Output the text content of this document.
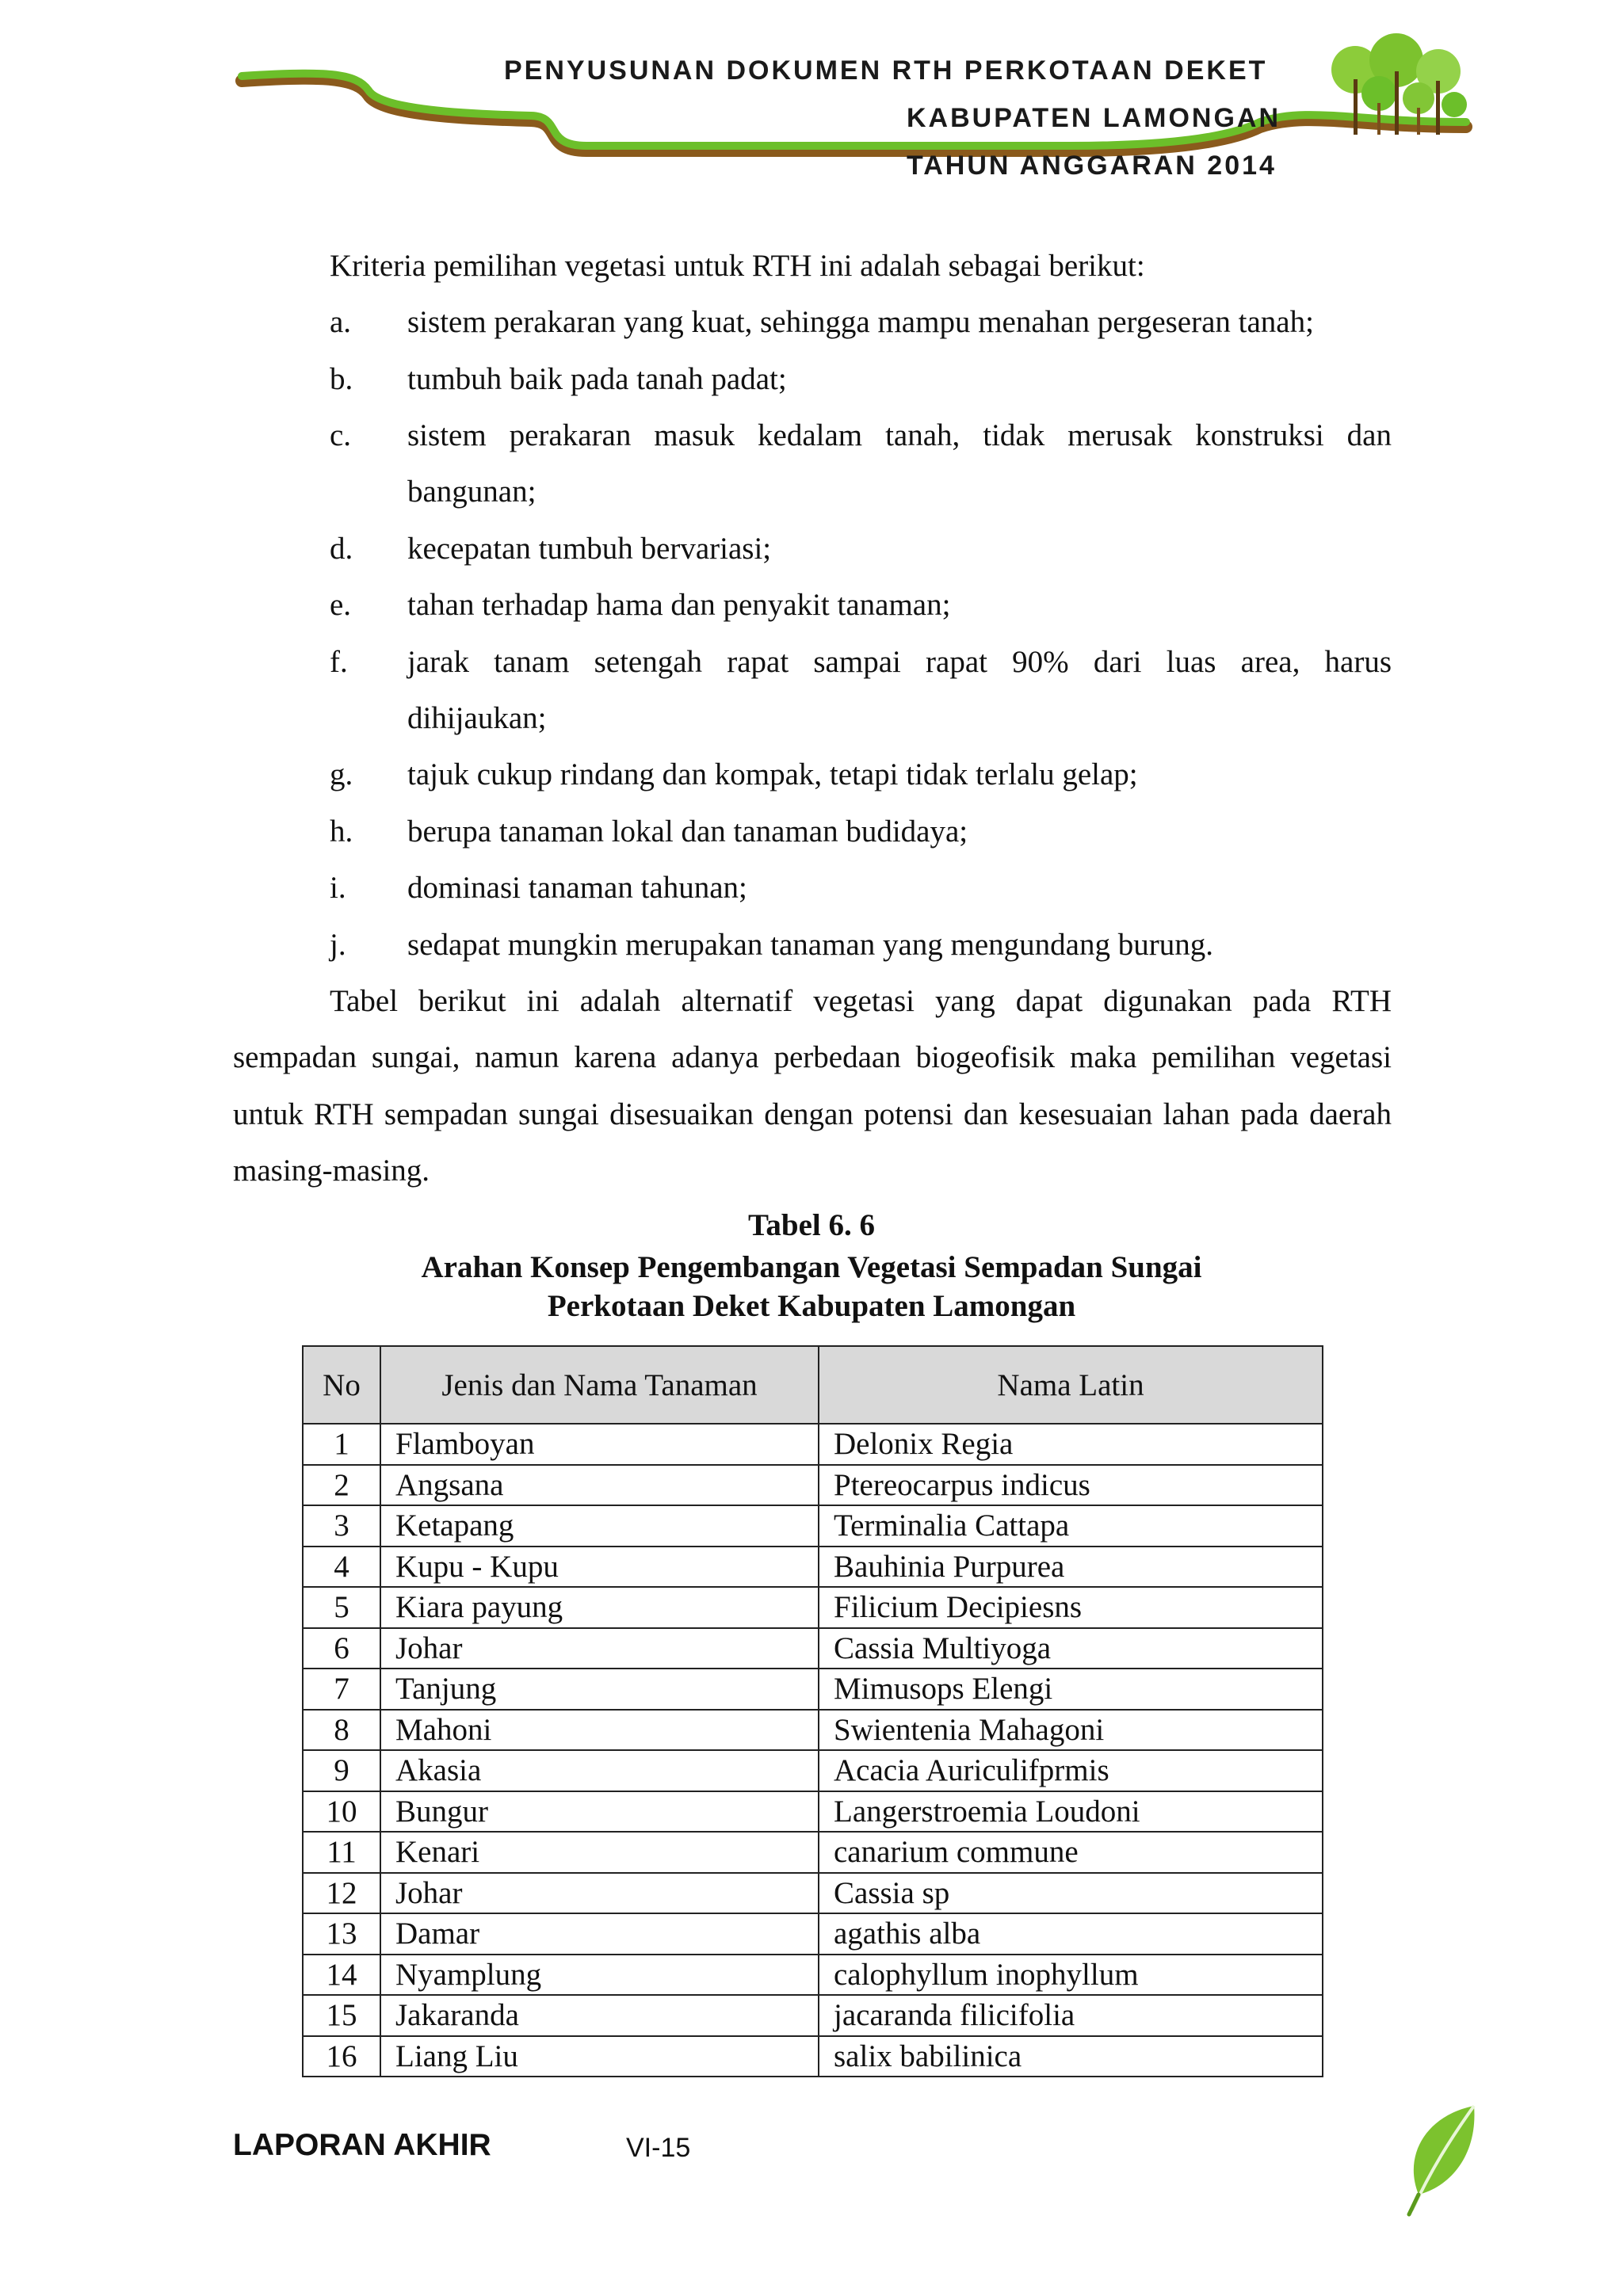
PENYUSUNAN DOKUMEN RTH PERKOTAAN DEKET
KABUPATEN LAMONGAN
TAHUN ANGGARAN 2014
Kriteria pemilihan vegetasi untuk RTH ini adalah sebagai berikut:
a. sistem perakaran yang kuat, sehingga mampu menahan pergeseran tanah;
b. tumbuh baik pada tanah padat;
c. sistem perakaran masuk kedalam tanah, tidak merusak konstruksi dan
bangunan;
d. kecepatan tumbuh bervariasi;
e. tahan terhadap hama dan penyakit tanaman;
f. jarak tanam setengah rapat sampai rapat 90% dari luas area, harus
dihijaukan;
g. tajuk cukup rindang dan kompak, tetapi tidak terlalu gelap;
h. berupa tanaman lokal dan tanaman budidaya;
i. dominasi tanaman tahunan;
j. sedapat mungkin merupakan tanaman yang mengundang burung.
Tabel berikut ini adalah alternatif vegetasi yang dapat digunakan pada RTH sempadan sungai, namun karena adanya perbedaan biogeofisik maka pemilihan vegetasi untuk RTH sempadan sungai disesuaikan dengan potensi dan kesesuaian lahan pada daerah masing-masing.
Tabel 6. 6
Arahan Konsep Pengembangan Vegetasi Sempadan Sungai
Perkotaan Deket Kabupaten Lamongan
No	Jenis dan Nama Tanaman	Nama Latin
1	Flamboyan	Delonix Regia
2	Angsana	Ptereocarpus indicus
3	Ketapang	Terminalia Cattapa
4	Kupu - Kupu	Bauhinia Purpurea
5	Kiara payung	Filicium Decipiesns
6	Johar	Cassia Multiyoga
7	Tanjung	Mimusops Elengi
8	Mahoni	Swientenia Mahagoni
9	Akasia	Acacia Auriculifprmis
10	Bungur	Langerstroemia Loudoni
11	Kenari	canarium commune
12	Johar	Cassia sp
13	Damar	agathis alba
14	Nyamplung	calophyllum inophyllum
15	Jakaranda	jacaranda filicifolia
16	Liang Liu	salix babilinica
LAPORAN AKHIR	VI-15
